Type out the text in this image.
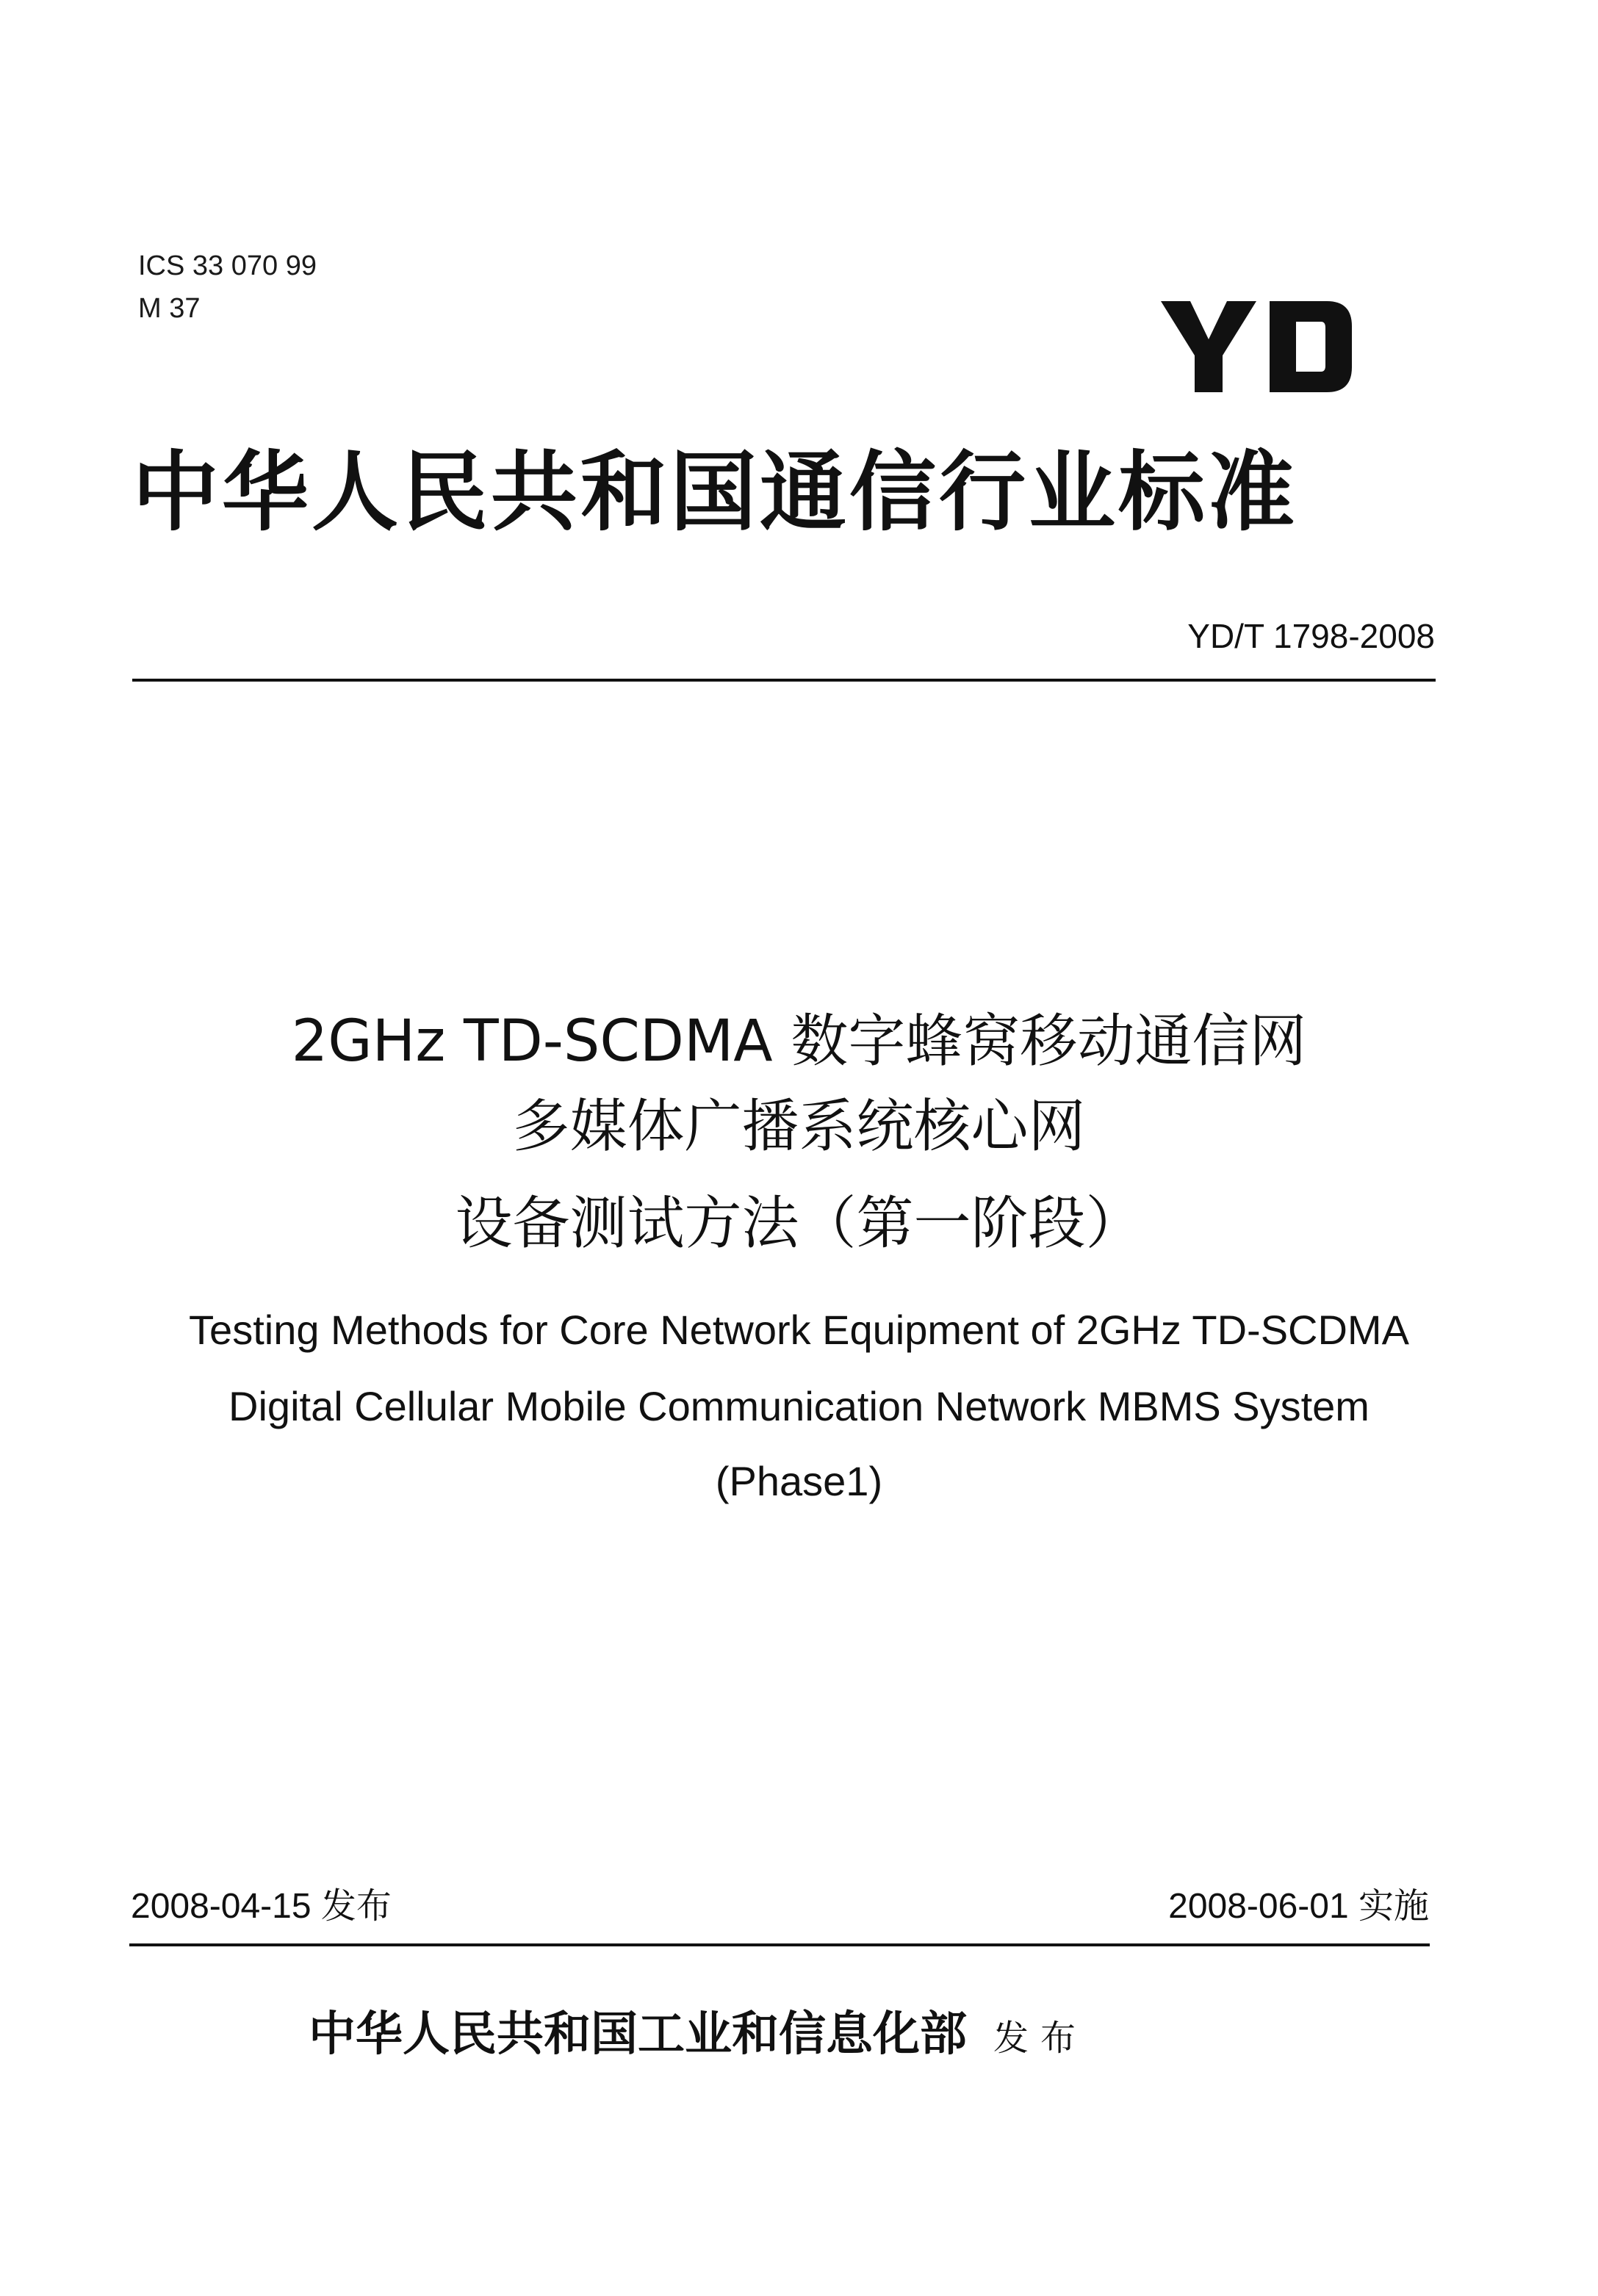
ICS 33 070 99
M 37
中华人民共和国通信行业标准
YD/T 1798-2008
2GHz TD-SCDMA 数字蜂窝移动通信网
多媒体广播系统核心网
设备测试方法（第一阶段）
Testing Methods for Core Network Equipment of 2GHz TD-SCDMA
Digital Cellular Mobile Communication Network MBMS System
(Phase1)
2008-04-15 发布	2008-06-01 实施
中华人民共和国工业和信息化部 发布
